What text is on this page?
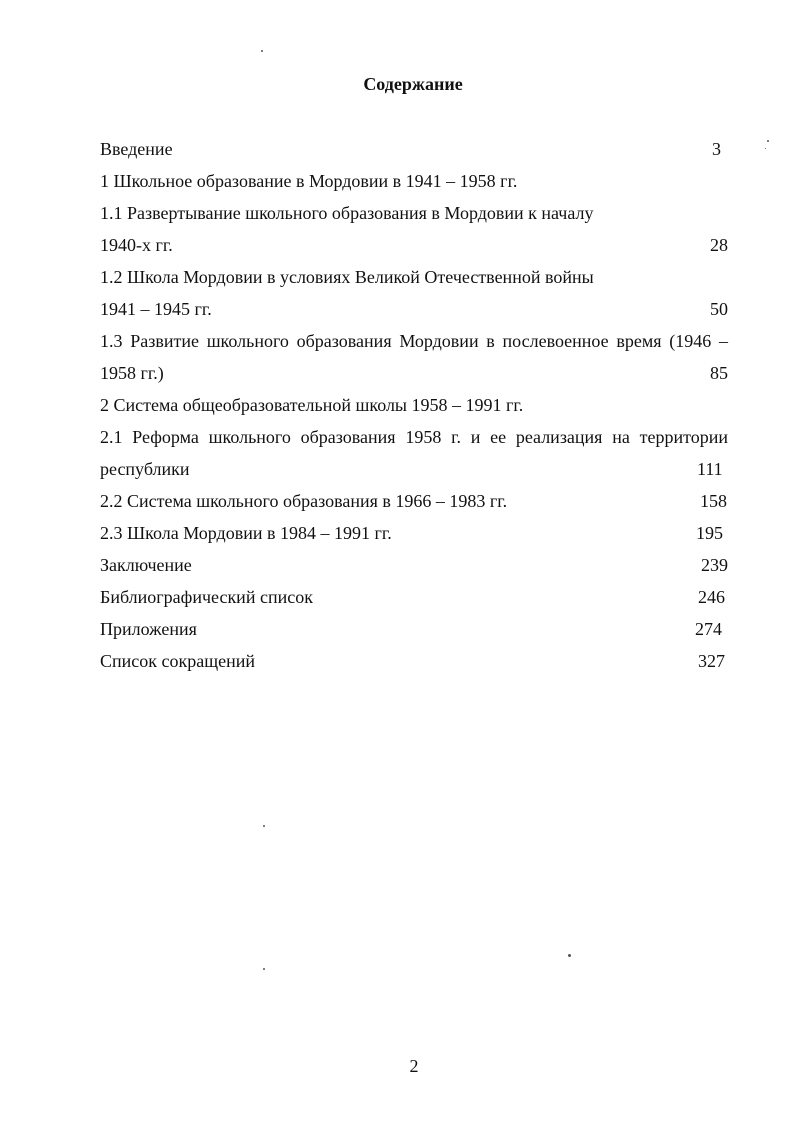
Содержание
Введение	3
1 Школьное образование в Мордовии в 1941 – 1958 гг.
1.1 Развертывание школьного образования в Мордовии к началу
1940-х гг.	28
1.2 Школа Мордовии в условиях Великой Отечественной войны
1941 – 1945 гг.	50
1.3 Развитие школьного образования Мордовии в послевоенное время (1946 –
1958 гг.)	85
2 Система общеобразовательной школы 1958 – 1991 гг.
2.1 Реформа школьного образования 1958 г. и ее реализация на территории
республики	111
2.2 Система школьного образования в 1966 – 1983 гг.	158
2.3 Школа Мордовии в 1984 – 1991 гг.	195
Заключение	239
Библиографический список	246
Приложения	274
Список сокращений	327
2
